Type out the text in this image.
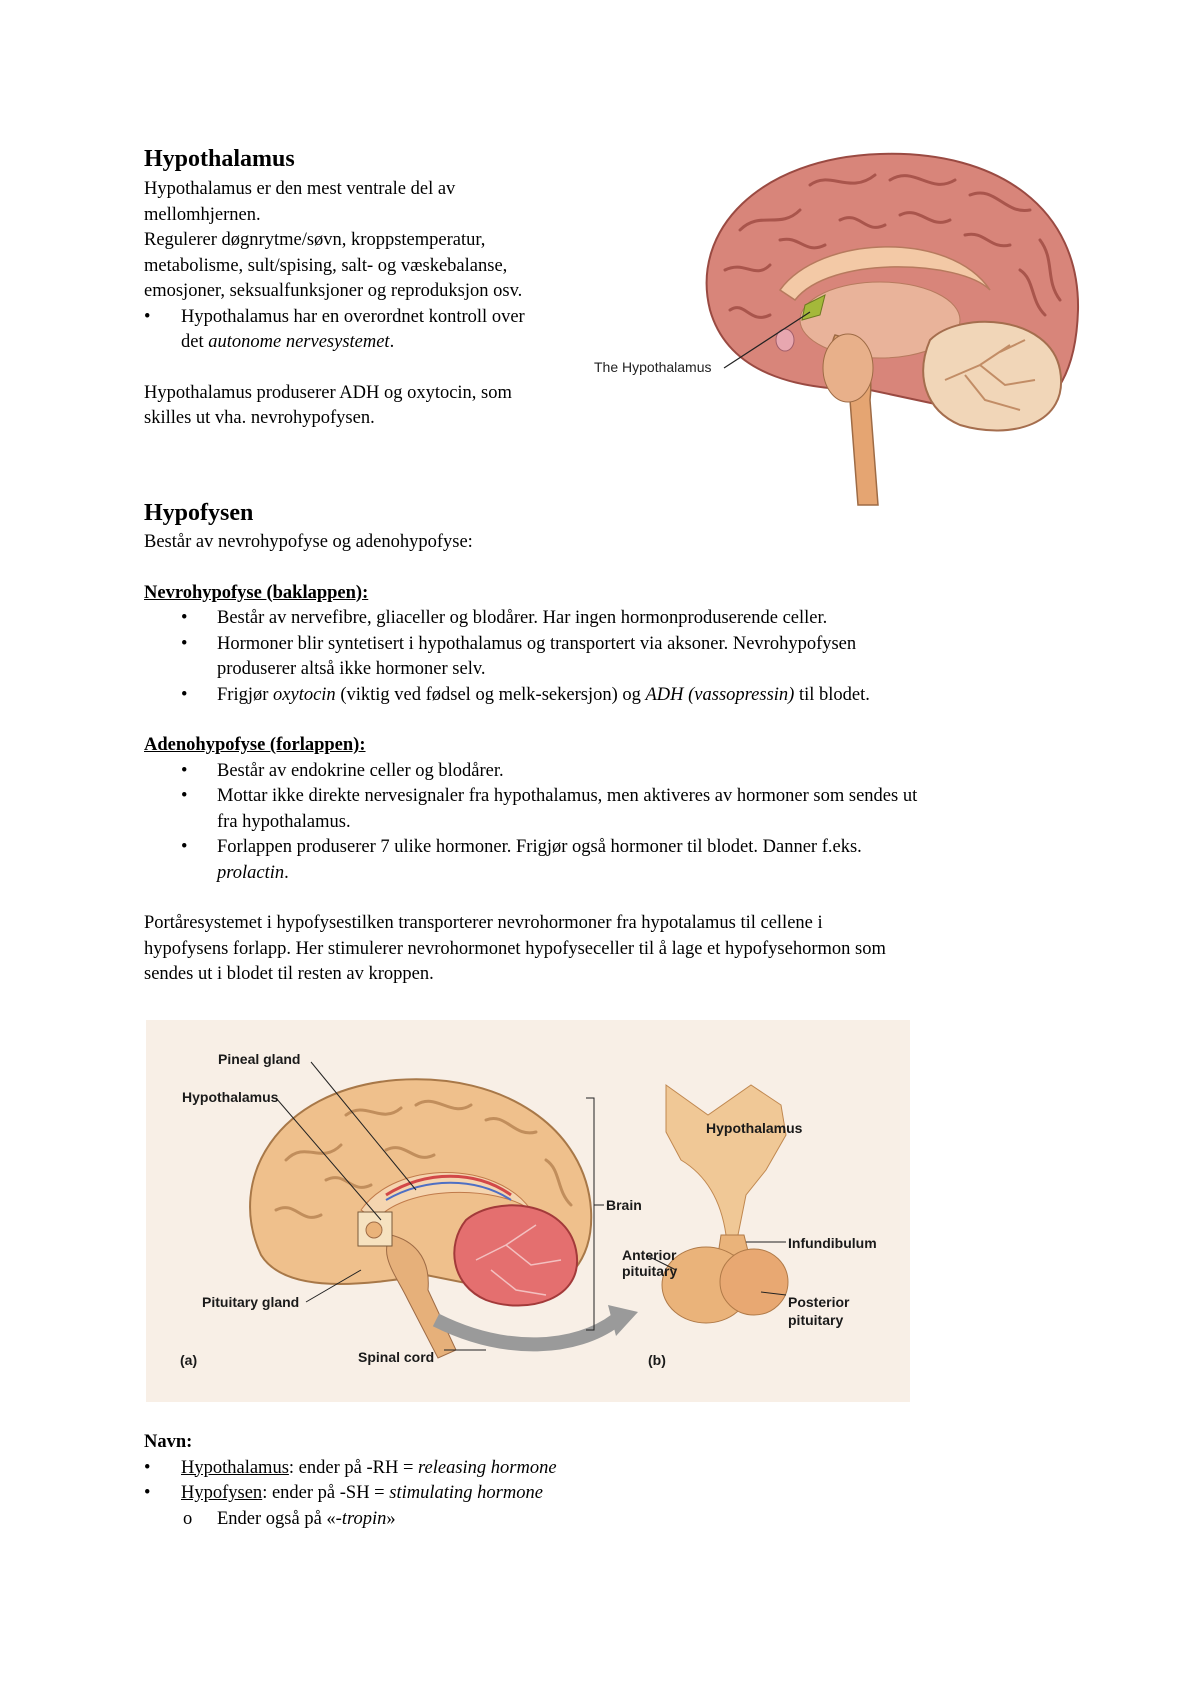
Hypothalamus
Hypothalamus er den mest ventrale del av
mellomhjernen.
Regulerer døgnrytme/søvn, kroppstemperatur,
metabolisme, sult/spising, salt- og væskebalanse,
emosjoner, seksualfunksjoner og reproduksjon osv.
• Hypothalamus har en overordnet kontroll over
det autonome nervesystemet.
Hypothalamus produserer ADH og oxytocin, som
skilles ut vha. nevrohypofysen.
The Hypothalamus
Hypofysen
Består av nevrohypofyse og adenohypofyse:
Nevrohypofyse (baklappen):
• Består av nervefibre, gliaceller og blodårer. Har ingen hormonproduserende celler.
• Hormoner blir syntetisert i hypothalamus og transportert via aksoner. Nevrohypofysen
produserer altså ikke hormoner selv.
• Frigjør oxytocin (viktig ved fødsel og melk-sekersjon) og ADH (vassopressin) til blodet.
Adenohypofyse (forlappen):
• Består av endokrine celler og blodårer.
• Mottar ikke direkte nervesignaler fra hypothalamus, men aktiveres av hormoner som sendes ut
fra hypothalamus.
• Forlappen produserer 7 ulike hormoner. Frigjør også hormoner til blodet. Danner f.eks.
prolactin.
Portåresystemet i hypofysestilken transporterer nevrohormoner fra hypotalamus til cellene i
hypofysens forlapp. Her stimulerer nevrohormonet hypofyseceller til å lage et hypofysehormon som
sendes ut i blodet til resten av kroppen.
Pineal gland
Hypothalamus
Pituitary gland
Spinal cord
Brain
Hypothalamus
Anterior
pituitary
Infundibulum
Posterior
pituitary
(a)	(b)
Navn:
• Hypothalamus: ender på -RH = releasing hormone
• Hypofysen: ender på -SH = stimulating hormone
o Ender også på «-tropin»
